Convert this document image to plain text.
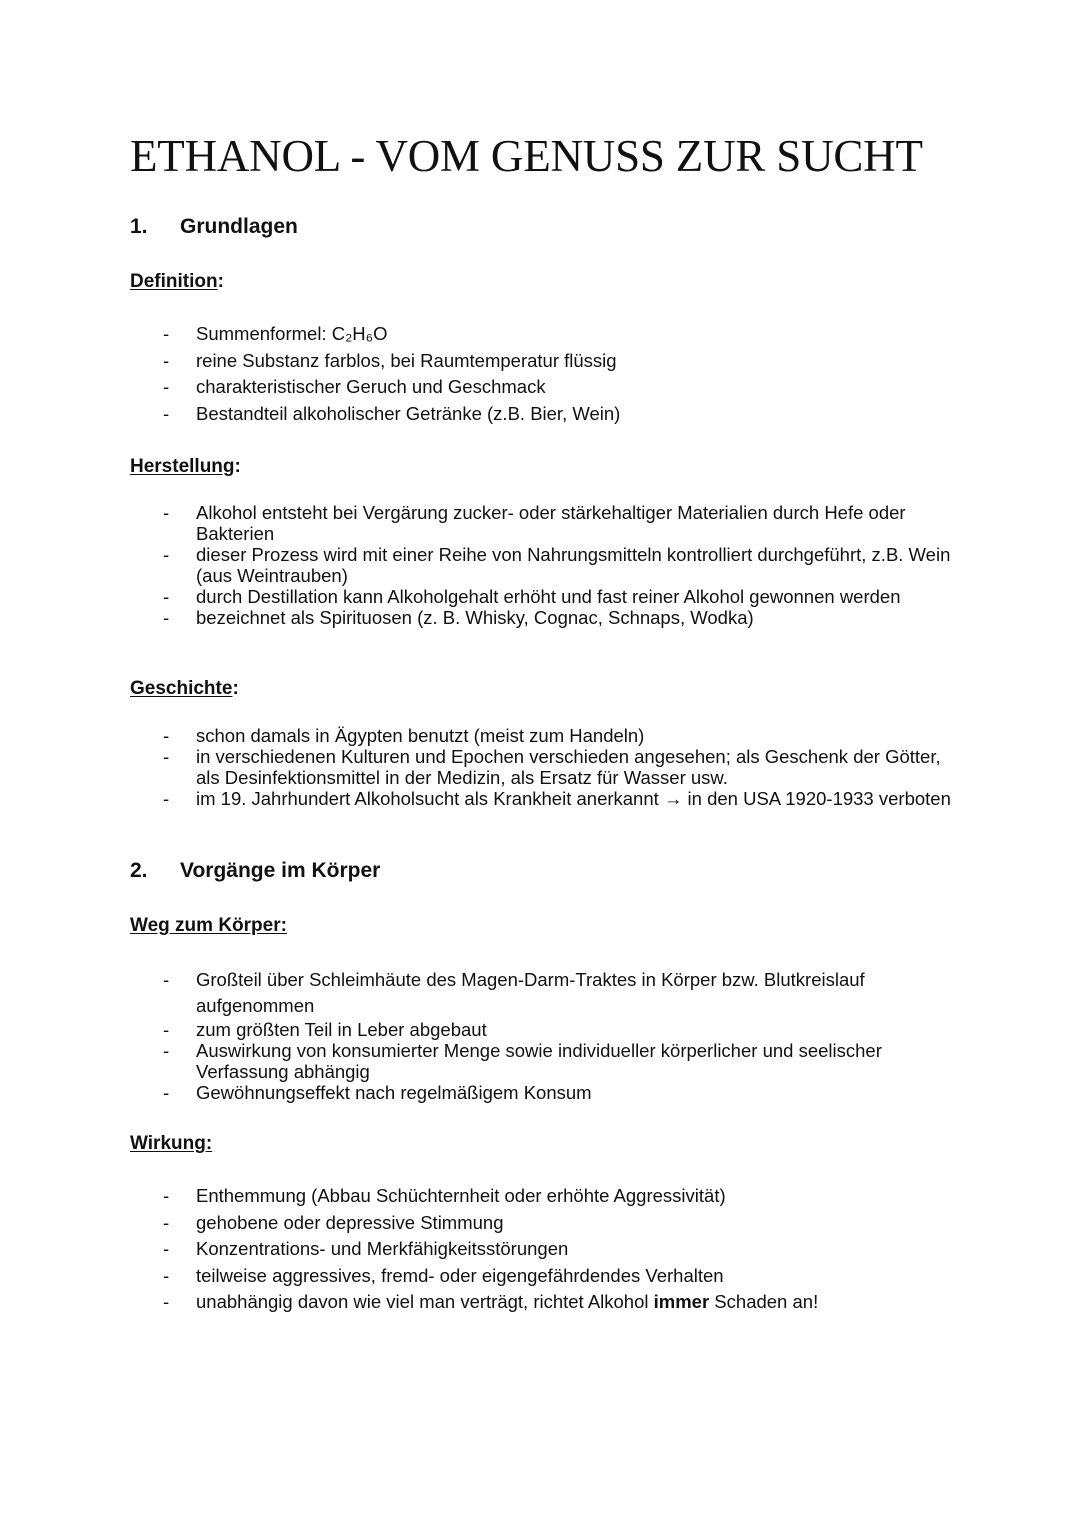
ETHANOL - VOM GENUSS ZUR SUCHT
1. Grundlagen
Definition:
- Summenformel: C₂H₆O
- reine Substanz farblos, bei Raumtemperatur flüssig
- charakteristischer Geruch und Geschmack
- Bestandteil alkoholischer Getränke (z.B. Bier, Wein)
Herstellung:
- Alkohol entsteht bei Vergärung zucker- oder stärkehaltiger Materialien durch Hefe oder Bakterien
- dieser Prozess wird mit einer Reihe von Nahrungsmitteln kontrolliert durchgeführt, z.B. Wein (aus Weintrauben)
- durch Destillation kann Alkoholgehalt erhöht und fast reiner Alkohol gewonnen werden
- bezeichnet als Spirituosen (z. B. Whisky, Cognac, Schnaps, Wodka)
Geschichte:
- schon damals in Ägypten benutzt (meist zum Handeln)
- in verschiedenen Kulturen und Epochen verschieden angesehen; als Geschenk der Götter, als Desinfektionsmittel in der Medizin, als Ersatz für Wasser usw.
- im 19. Jahrhundert Alkoholsucht als Krankheit anerkannt → in den USA 1920-1933 verboten
2. Vorgänge im Körper
Weg zum Körper:
- Großteil über Schleimhäute des Magen-Darm-Traktes in Körper bzw. Blutkreislauf aufgenommen
- zum größten Teil in Leber abgebaut
- Auswirkung von konsumierter Menge sowie individueller körperlicher und seelischer Verfassung abhängig
- Gewöhnungseffekt nach regelmäßigem Konsum
Wirkung:
- Enthemmung (Abbau Schüchternheit oder erhöhte Aggressivität)
- gehobene oder depressive Stimmung
- Konzentrations- und Merkfähigkeitsstörungen
- teilweise aggressives, fremd- oder eigengefährdendes Verhalten
- unabhängig davon wie viel man verträgt, richtet Alkohol immer Schaden an!
